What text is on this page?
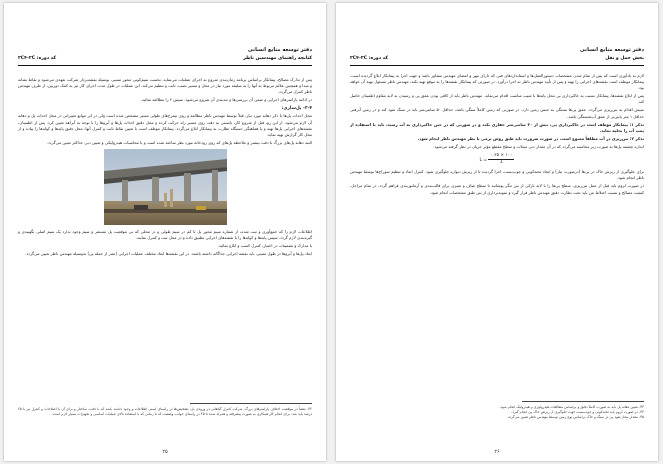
دفتر توسعه منابع انسانی
کتابچه راهنمای مهندسین ناظر
کد دوره: ۲C۴-۲C

پس از تدارک مصالح، پیمانکار براساس برنامه زمان‌بندی شروع به اجرای عملیات می‌نماید. نخست سیم‌کوبی محور مسیر، بوسیله نقشه‌بردار شرکت تعهدی می‌شود و نقاط نشانه و مبدا و همچنین علائم مربوط به آنها را به سلیقه مورد نیاز در محل و مسیر نصب، ثابت و تنظیم می‌کند. این عملیات در طول مدت اجرای کار نیز به کمک دوربین، از طرف مهندس ناظر کنترل می‌گردد.

در ادامه پارامترهای اجرایی و ضمن آن بررسی‌ها و بندبندی آن شروع می‌شود. سپس ۲ را مطالعه نمائید.

۲-۴- پل‌سازی:

محل احداث پل‌ها با ذکر دهانه مورد نیاز، قبلاً توسط مهندس ناظر مطالعه و روی نیمرخ‌های طولی مسیر مشخص شده است ولی در اثر موانع تغییراتی در محل احداث پل و دهانه آن لازم می‌شود. از این رو، قبل از شروع کار، بایستی به دقت روی مسیر راه حرکت کرده و محل دقیق احداث پل‌ها و آبروها را با توجه به آبراهه تعیین کرد. پس از اطمینان، نقشه‌های اجرایی پل‌ها تهیه و با هماهنگی دستگاه نظارت به پیمانکار ابلاغ می‌گردد. پیمانکار موظف است با تعیین نقاط ثابت و کنترل آنها، محل دقیق پایه‌ها و کوله‌ها را پیاده و از محل کار گزارش تهیه نماید.

البته دهانه پل‌های بزرگ با دقت بیشتر و ملاحظه پل‌های که روی رودخانه مورد نظر ساخته شده است و با محاسبات هیدرولیکی و تعیین دبی حداکثر تعیین می‌گردد.

اطلاعات لازم را که جمع‌آوری و ثبت شده، از شماره سیم محور پل تا کم در سیم طولی و در محلی که بی موقعیت پل مستقر و سیم وجود ندارد یک سیم اصلی نگهبندی و گیره‌بندی لازم گردد. سپس پایه‌ها و کوله‌ها را با نقشه‌های اجرایی تطبیق داده و در محل ثبت و کنترل نمایند.

با مدارک و تضمینات در اختیار، کنترل کسب و ابلاغ نمائید.

ابعاد پل‌ها و آبروها در طول مسیر، باید نقشه اجرایی جداگانه داشته باشند. در این نقشه‌ها ابعاد مختلف عملیات اجرایی (عمر از جمله پی) به‌وسیله مهندس ناظر تعیین می‌گردد.

۳۲- بعضاً در موقعیت اختلاف پارامترهای بزرگ، شرکت کنترل گیاهانی در ورودی بل، تشخیص‌ها در راستای ایمنی اطلاعات و وجود داشته باشد که با دقت، ساختار و برای آن با اصلاحات و کنترل نیز با ۲۵ درصد باید شد. برای انجام کار همکاری به صورت پیشرفته و همراه شده تا ۲۵ در راستای جوانب وضعیت که تا زمانی که با استفاده بالای عملیات اساسی و تجهیزات بسیار لازم است.
۲۵
دفتر توسعه منابع انسانی
بخش حمل و نقل
کد دوره: ۲C۴-۲C

لازم به یادآوری است که پس از تمام شدن مشخصات دستورالعمل‌ها و استانداردهای فنی که دارای مهر و امضای مهندس مشاور باشد و جهت اجرا به پیمانکار ابلاغ گردیده است، پیمانکار موظف است نقشه‌های اجرایی را تهیه و پس از تأیید مهندس ناظر به اجرا درآورد. در صورتی که پیمانکار نقشه‌ها را به موقع تهیه نکند، مهندس ناظر مسئول تهیه آن خواهد بود.

پس از ابلاغ نقشه‌ها، پیمانکار نسبت به خاکبرداری پی محل پایه‌ها با شیب مناسب اقدام می‌نماید. مهندس ناظر باید از کافی بودن عمق پی و رسیدن به لایه مقاوم اطمینان حاصل کند.

سپس اقدام به بتن‌ریزی می‌گردد. عمق پی‌ها بستگی به جنس زمین دارد. در صورتی که زمین کاملاً سنگی باشد، حداقل ۵۰ سانتی‌متر باید در سنگ نفوذ کند و در زمین آبرفتی حداقل ۱ متر پایین‌تر از عمق آب‌شستگی باشد.

تذکر ۱: پیمانکار موظف است در خاکبرداری پی، بیش از ۳۰ سانتی‌متر حفاری نکند و در صورتی که در حین خاکبرداری به آب رسید، باید با استفاده از پمپ آب را تخلیه نماید.

تذکر ۲: بتن‌ریزی در آب مطلقاً ممنوع است. در صورت ضرورت باید طبق روش ترمی با نظر مهندس ناظر انجام شود.

اندازه چشمه پل‌ها به صورت زیر محاسبه می‌گردد که در آن مقدار دبی سیلاب و سطح مقطع مؤثر جریان در نظر گرفته می‌شود.

$L = \frac{۰.۲۵ \times ۱۰۰}{\Sigma}$

برای جلوگیری از ریزش خاک در پی‌ها (درصورت نیاز) و ایجاد تخته‌کوبی و چوب‌بست، اجرا گردیده تا از ریزش دیواره جلوگیری شود. کنترل ابعاد و تنظیم سوراخ‌ها توسط مهندس ناظر انجام شود.

در صورت لزوم باید قبل از عمل بتن‌ریزی، سطح پی‌ها را با لایه نازکی از بتن مگر پوشانید تا سطح صاف و تمیزی برای قالب‌بندی و آرماتوربندی فراهم گردد. در تمام مراحل، کیفیت مصالح و نسبت اختلاط بتن باید تحت نظارت دقیق مهندس ناظر قرار گیرد و نمونه‌برداری از بتن طبق مشخصات انجام شود.

۳۳- تعیین دهانه پل باید به صورت کاملاً دقیق و براساس مطالعات هیدرولوژی و هیدرولیک انجام شود.
۳۴- در صورت لزوم باید تخته‌کوبی و چوب‌بست جهت جلوگیری از ریزش خاک پی انجام گیرد.
۳۵- مقدار مجاز نفوذ پی در سنگ و خاک براساس نوع زمین توسط مهندس ناظر تعیین می‌گردد.
۲۶
